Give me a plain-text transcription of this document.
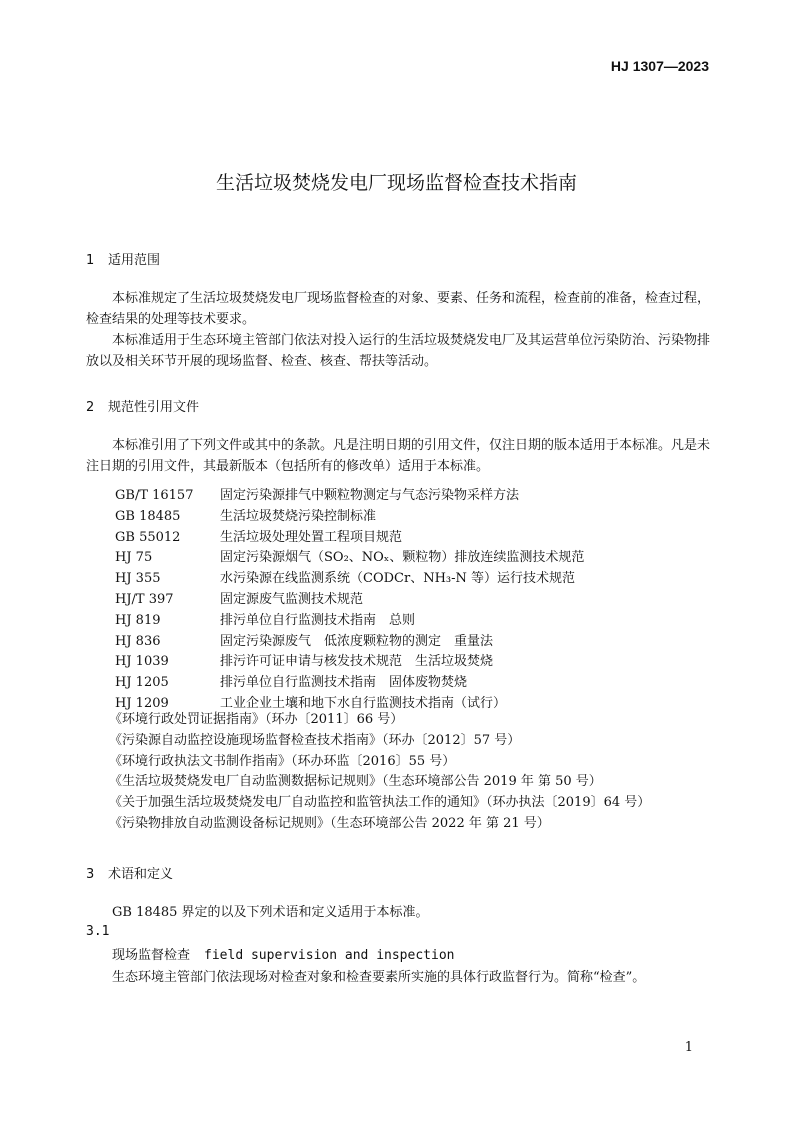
HJ 1307—2023
生活垃圾焚烧发电厂现场监督检查技术指南
1 适用范围
本标准规定了生活垃圾焚烧发电厂现场监督检查的对象、要素、任务和流程，检查前的准备，检查过程，检查结果的处理等技术要求。
本标准适用于生态环境主管部门依法对投入运行的生活垃圾焚烧发电厂及其运营单位污染防治、污染物排放以及相关环节开展的现场监督、检查、核查、帮扶等活动。
2 规范性引用文件
本标准引用了下列文件或其中的条款。凡是注明日期的引用文件，仅注日期的版本适用于本标准。凡是未注日期的引用文件，其最新版本（包括所有的修改单）适用于本标准。
GB/T 16157 固定污染源排气中颗粒物测定与气态污染物采样方法
GB 18485	生活垃圾焚烧污染控制标准
GB 55012	生活垃圾处理处置工程项目规范
HJ 75	固定污染源烟气（SO₂、NOₓ、颗粒物）排放连续监测技术规范
HJ 355	水污染源在线监测系统（CODCr、NH₃-N 等）运行技术规范
HJ/T 397	固定源废气监测技术规范
HJ 819	排污单位自行监测技术指南　总则
HJ 836	固定污染源废气　低浓度颗粒物的测定　重量法
HJ 1039	排污许可证申请与核发技术规范　生活垃圾焚烧
HJ 1205	排污单位自行监测技术指南　固体废物焚烧
HJ 1209	工业企业土壤和地下水自行监测技术指南（试行）
《环境行政处罚证据指南》（环办〔2011〕66 号）
《污染源自动监控设施现场监督检查技术指南》（环办〔2012〕57 号）
《环境行政执法文书制作指南》（环办环监〔2016〕55 号）
《生活垃圾焚烧发电厂自动监测数据标记规则》（生态环境部公告 2019 年 第 50 号）
《关于加强生活垃圾焚烧发电厂自动监控和监管执法工作的通知》（环办执法〔2019〕64 号）
《污染物排放自动监测设备标记规则》（生态环境部公告 2022 年 第 21 号）
3 术语和定义
GB 18485 界定的以及下列术语和定义适用于本标准。
3.1
现场监督检查 field supervision and inspection
生态环境主管部门依法现场对检查对象和检查要素所实施的具体行政监督行为。简称“检查”。
1
